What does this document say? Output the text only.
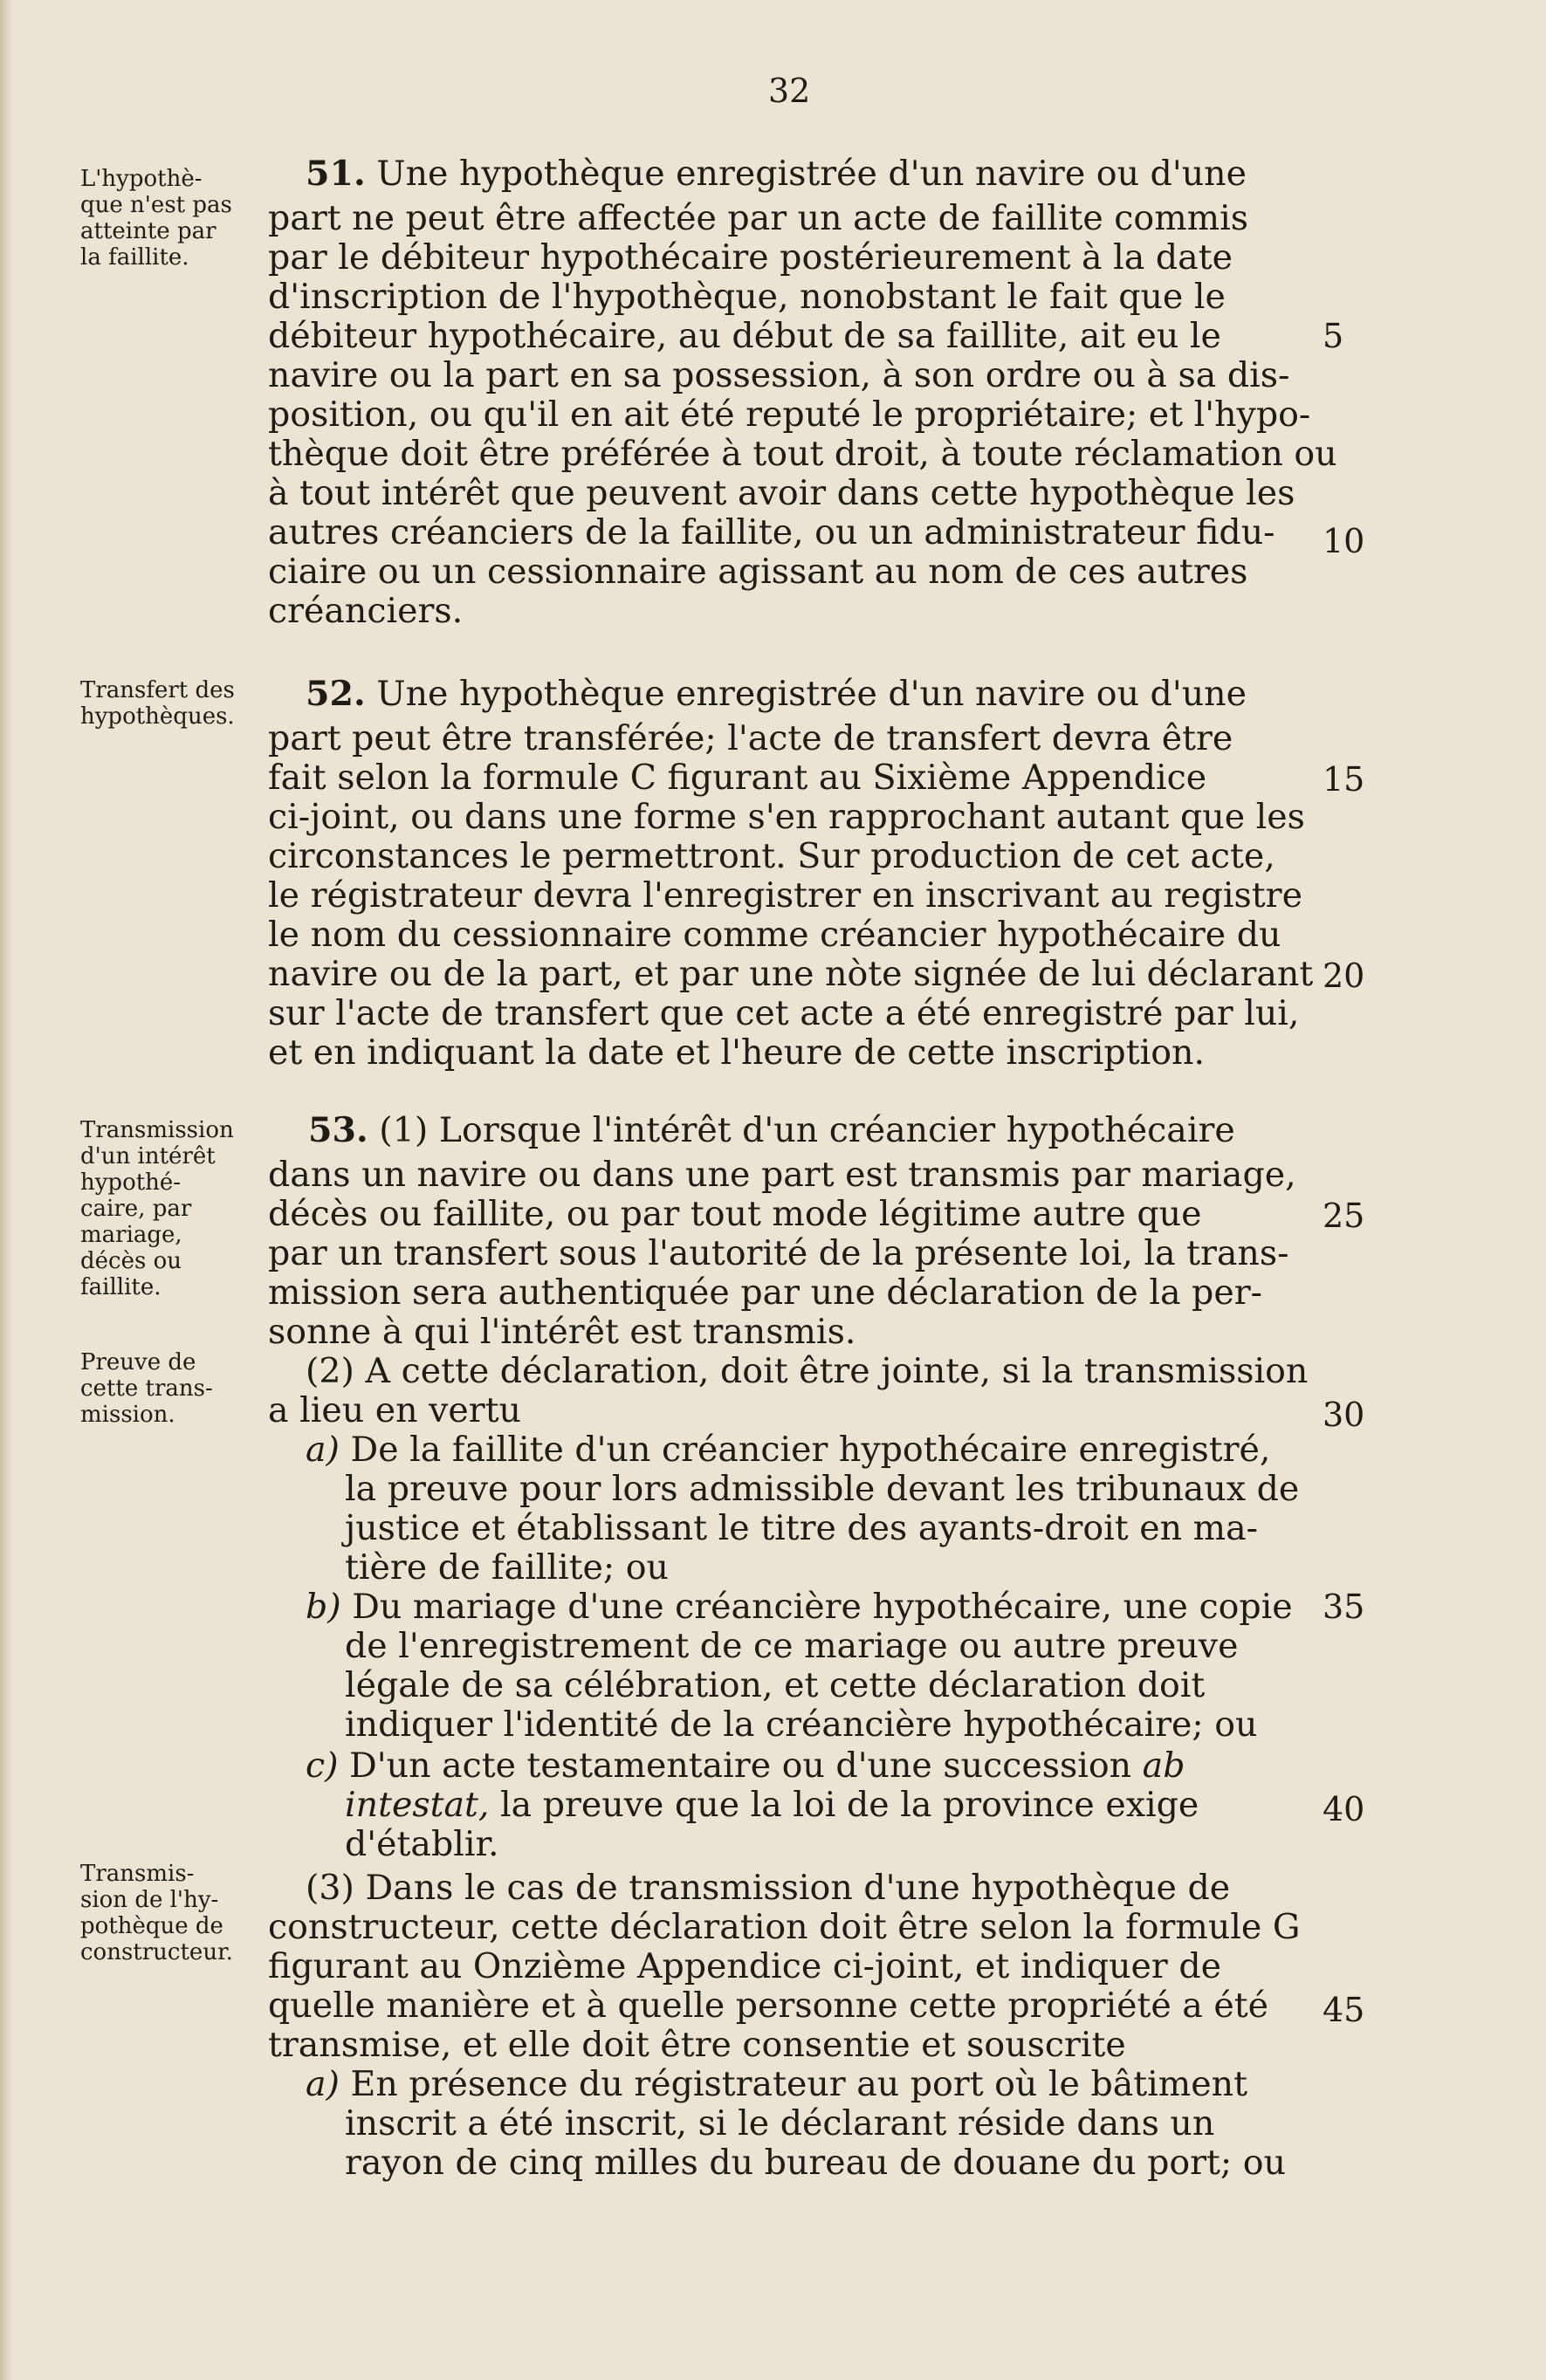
32
L'hypothè-
que n'est pas
atteinte par
la faillite.
Transfert des
hypothèques.
Transmission
d'un intérêt
hypothé-
caire, par
mariage,
décès ou
faillite.
Preuve de
cette trans-
mission.
Transmis-
sion de l'hy-
pothèque de
constructeur.
51. Une hypothèque enregistrée d'un navire ou d'une
part ne peut être affectée par un acte de faillite commis
par le débiteur hypothécaire postérieurement à la date
d'inscription de l'hypothèque, nonobstant le fait que le
débiteur hypothécaire, au début de sa faillite, ait eu le
navire ou la part en sa possession, à son ordre ou à sa dis-
position, ou qu'il en ait été reputé le propriétaire; et l'hypo-
thèque doit être préférée à tout droit, à toute réclamation ou
à tout intérêt que peuvent avoir dans cette hypothèque les
autres créanciers de la faillite, ou un administrateur fidu-
ciaire ou un cessionnaire agissant au nom de ces autres
créanciers.
52. Une hypothèque enregistrée d'un navire ou d'une
part peut être transférée; l'acte de transfert devra être
fait selon la formule C figurant au Sixième Appendice
ci-joint, ou dans une forme s'en rapprochant autant que les
circonstances le permettront. Sur production de cet acte,
le régistrateur devra l'enregistrer en inscrivant au registre
le nom du cessionnaire comme créancier hypothécaire du
navire ou de la part, et par une nòte signée de lui déclarant
sur l'acte de transfert que cet acte a été enregistré par lui,
et en indiquant la date et l'heure de cette inscription.
53. (1) Lorsque l'intérêt d'un créancier hypothécaire
dans un navire ou dans une part est transmis par mariage,
décès ou faillite, ou par tout mode légitime autre que
par un transfert sous l'autorité de la présente loi, la trans-
mission sera authentiquée par une déclaration de la per-
sonne à qui l'intérêt est transmis.
(2) A cette déclaration, doit être jointe, si la transmission
a lieu en vertu
a) De la faillite d'un créancier hypothécaire enregistré,
la preuve pour lors admissible devant les tribunaux de
justice et établissant le titre des ayants-droit en ma-
tière de faillite; ou
b) Du mariage d'une créancière hypothécaire, une copie
de l'enregistrement de ce mariage ou autre preuve
légale de sa célébration, et cette déclaration doit
indiquer l'identité de la créancière hypothécaire; ou
c) D'un acte testamentaire ou d'une succession ab
intestat, la preuve que la loi de la province exige
d'établir.
(3) Dans le cas de transmission d'une hypothèque de
constructeur, cette déclaration doit être selon la formule G
figurant au Onzième Appendice ci-joint, et indiquer de
quelle manière et à quelle personne cette propriété a été
transmise, et elle doit être consentie et souscrite
a) En présence du régistrateur au port où le bâtiment
inscrit a été inscrit, si le déclarant réside dans un
rayon de cinq milles du bureau de douane du port; ou
5
10
15
20
25
30
35
40
45
